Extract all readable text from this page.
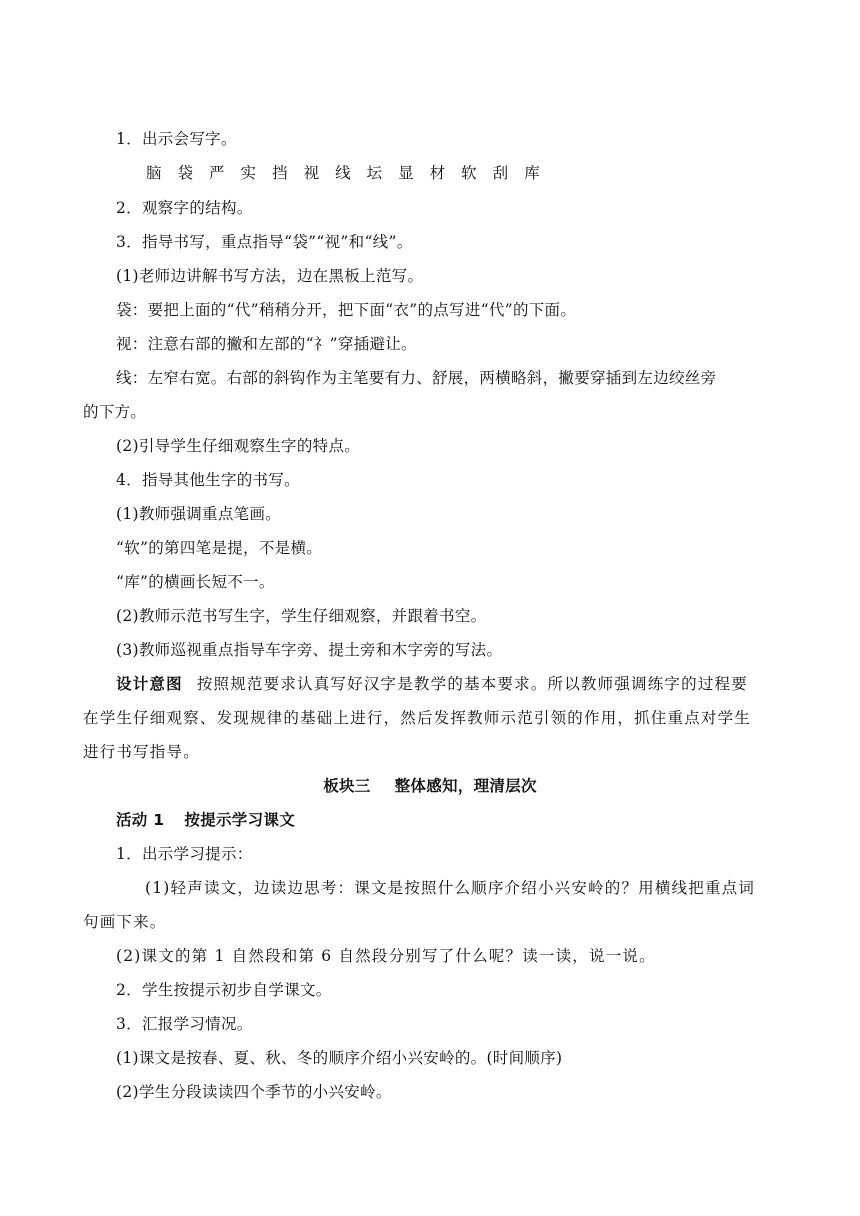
1．出示会写字。
脑 袋 严 实 挡 视 线 坛 显 材 软 刮 库
2．观察字的结构。
3．指导书写，重点指导“袋”“视”和“线”。
(1)老师边讲解书写方法，边在黑板上范写。
袋：要把上面的“代”稍稍分开，把下面“衣”的点写进“代”的下面。
视：注意右部的撇和左部的“礻”穿插避让。
线：左窄右宽。右部的斜钩作为主笔要有力、舒展，两横略斜，撇要穿插到左边绞丝旁
的下方。
(2)引导学生仔细观察生字的特点。
4．指导其他生字的书写。
(1)教师强调重点笔画。
“软”的第四笔是提，不是横。
“库”的横画长短不一。
(2)教师示范书写生字，学生仔细观察，并跟着书空。
(3)教师巡视重点指导车字旁、提土旁和木字旁的写法。
设计意图 按照规范要求认真写好汉字是教学的基本要求。所以教师强调练字的过程要
在学生仔细观察、发现规律的基础上进行，然后发挥教师示范引领的作用，抓住重点对学生
进行书写指导。
板块三 整体感知，理清层次
活动 1 按提示学习课文
1．出示学习提示：
(1)轻声读文，边读边思考：课文是按照什么顺序介绍小兴安岭的？用横线把重点词
句画下来。
(2)课文的第 1 自然段和第 6 自然段分别写了什么呢？读一读，说一说。
2．学生按提示初步自学课文。
3．汇报学习情况。
(1)课文是按春、夏、秋、冬的顺序介绍小兴安岭的。(时间顺序)
(2)学生分段读读四个季节的小兴安岭。
